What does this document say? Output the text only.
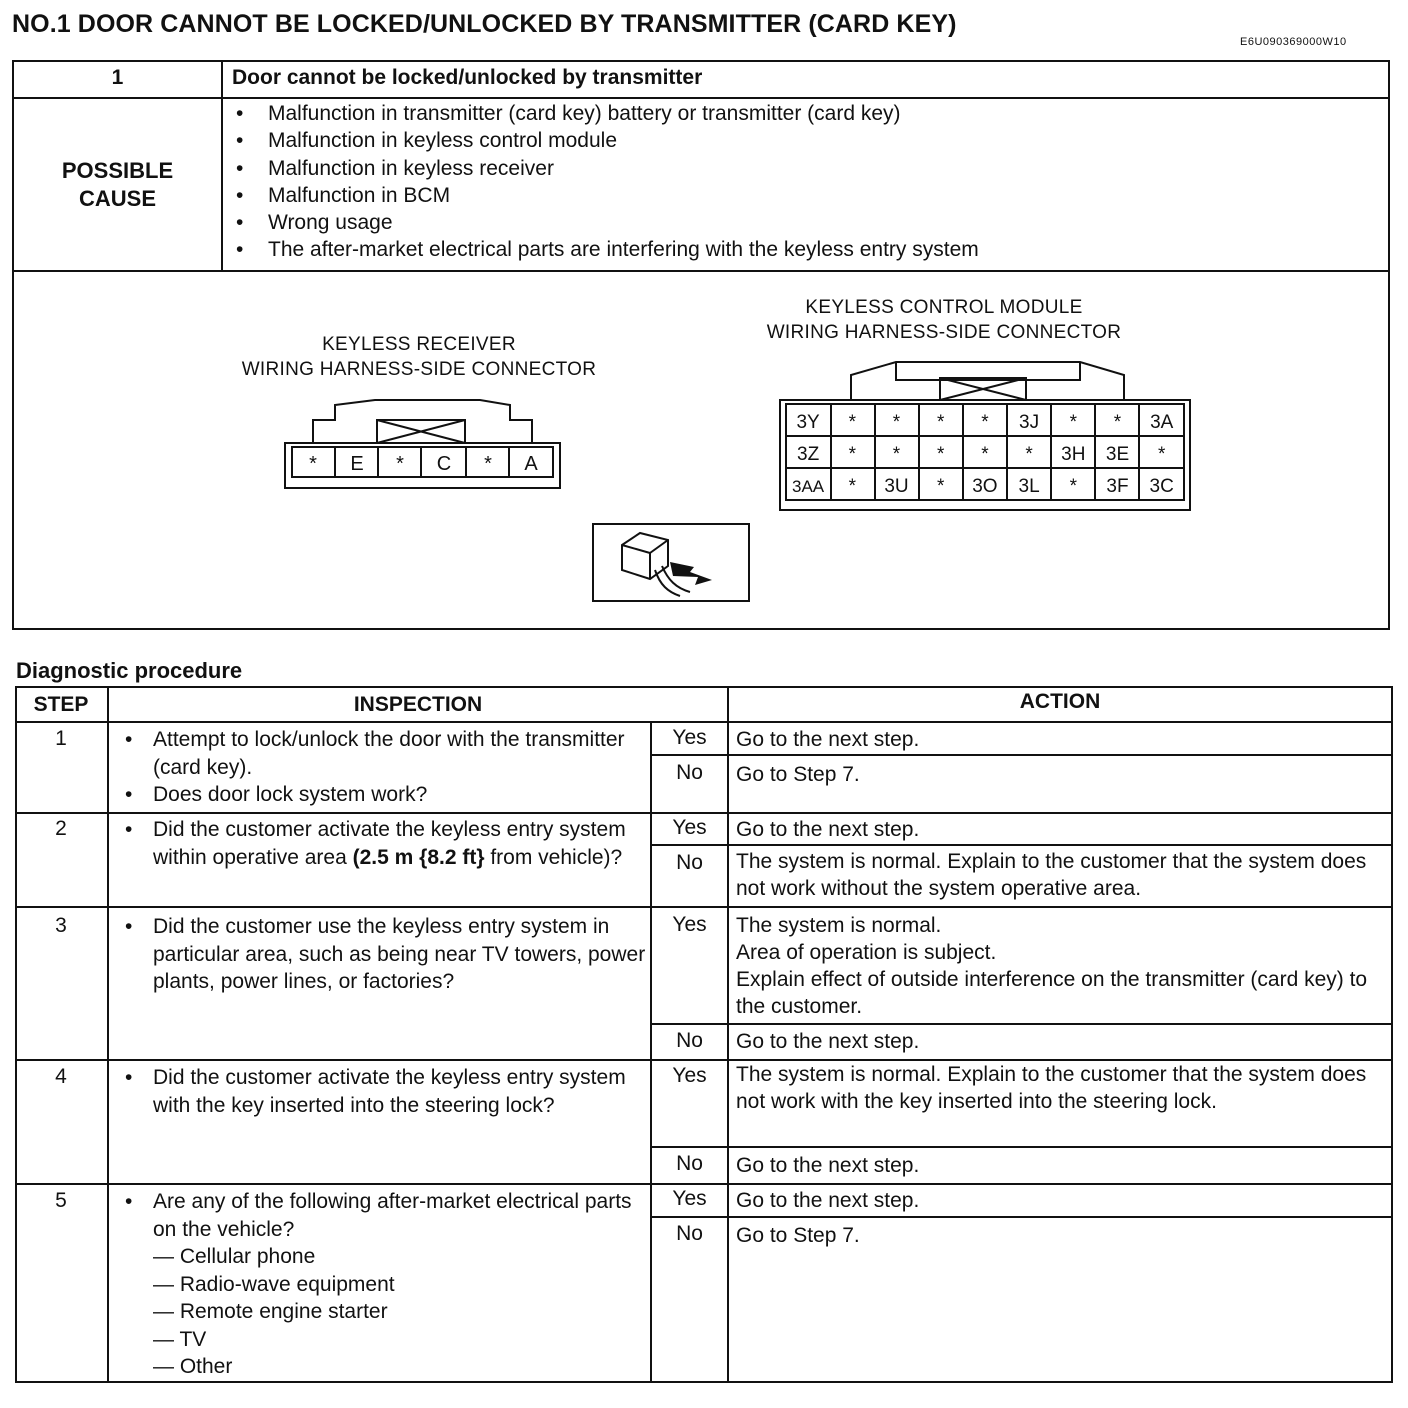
NO.1 DOOR CANNOT BE LOCKED/UNLOCKED BY TRANSMITTER (CARD KEY)
E6U090369000W10
1	Door cannot be locked/unlocked by transmitter
POSSIBLE
CAUSE
• Malfunction in transmitter (card key) battery or transmitter (card key)
• Malfunction in keyless control module
• Malfunction in keyless receiver
• Malfunction in BCM
• Wrong usage
• The after-market electrical parts are interfering with the keyless entry system
KEYLESS RECEIVER
WIRING HARNESS-SIDE CONNECTOR
KEYLESS CONTROL MODULE
WIRING HARNESS-SIDE CONNECTOR
* E * C * A
3Y * * * * 3J * * 3A
3Z * * * * * 3H 3E *
3AA * 3U * 3O 3L * 3F 3C
Diagnostic procedure
STEP	INSPECTION	ACTION
1	• Attempt to lock/unlock the door with the transmitter (card key).
• Does door lock system work?
Yes	Go to the next step.
No	Go to Step 7.
2	• Did the customer activate the keyless entry system within operative area (2.5 m {8.2 ft} from vehicle)?
Yes	Go to the next step.
No	The system is normal. Explain to the customer that the system does not work without the system operative area.
3	• Did the customer use the keyless entry system in particular area, such as being near TV towers, power plants, power lines, or factories?
Yes	The system is normal.
Area of operation is subject.
Explain effect of outside interference on the transmitter (card key) to the customer.
No	Go to the next step.
4	• Did the customer activate the keyless entry system with the key inserted into the steering lock?
Yes	The system is normal. Explain to the customer that the system does not work with the key inserted into the steering lock.
No	Go to the next step.
5	• Are any of the following after-market electrical parts on the vehicle?
— Cellular phone
— Radio-wave equipment
— Remote engine starter
— TV
— Other
Yes	Go to the next step.
No	Go to Step 7.
